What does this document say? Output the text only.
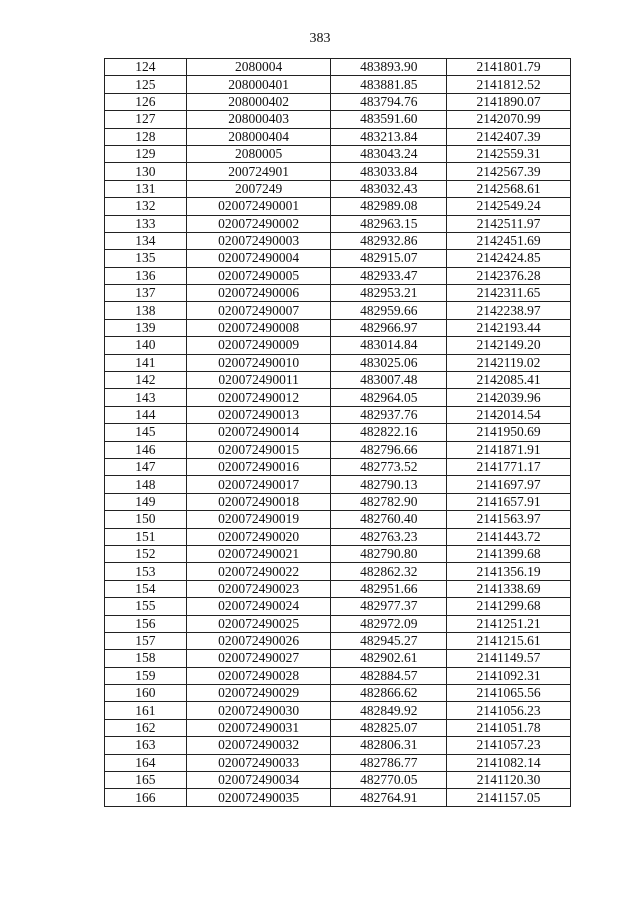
383
124	2080004	483893.90	2141801.79
125	208000401	483881.85	2141812.52
126	208000402	483794.76	2141890.07
127	208000403	483591.60	2142070.99
128	208000404	483213.84	2142407.39
129	2080005	483043.24	2142559.31
130	200724901	483033.84	2142567.39
131	2007249	483032.43	2142568.61
132	020072490001	482989.08	2142549.24
133	020072490002	482963.15	2142511.97
134	020072490003	482932.86	2142451.69
135	020072490004	482915.07	2142424.85
136	020072490005	482933.47	2142376.28
137	020072490006	482953.21	2142311.65
138	020072490007	482959.66	2142238.97
139	020072490008	482966.97	2142193.44
140	020072490009	483014.84	2142149.20
141	020072490010	483025.06	2142119.02
142	020072490011	483007.48	2142085.41
143	020072490012	482964.05	2142039.96
144	020072490013	482937.76	2142014.54
145	020072490014	482822.16	2141950.69
146	020072490015	482796.66	2141871.91
147	020072490016	482773.52	2141771.17
148	020072490017	482790.13	2141697.97
149	020072490018	482782.90	2141657.91
150	020072490019	482760.40	2141563.97
151	020072490020	482763.23	2141443.72
152	020072490021	482790.80	2141399.68
153	020072490022	482862.32	2141356.19
154	020072490023	482951.66	2141338.69
155	020072490024	482977.37	2141299.68
156	020072490025	482972.09	2141251.21
157	020072490026	482945.27	2141215.61
158	020072490027	482902.61	2141149.57
159	020072490028	482884.57	2141092.31
160	020072490029	482866.62	2141065.56
161	020072490030	482849.92	2141056.23
162	020072490031	482825.07	2141051.78
163	020072490032	482806.31	2141057.23
164	020072490033	482786.77	2141082.14
165	020072490034	482770.05	2141120.30
166	020072490035	482764.91	2141157.05
